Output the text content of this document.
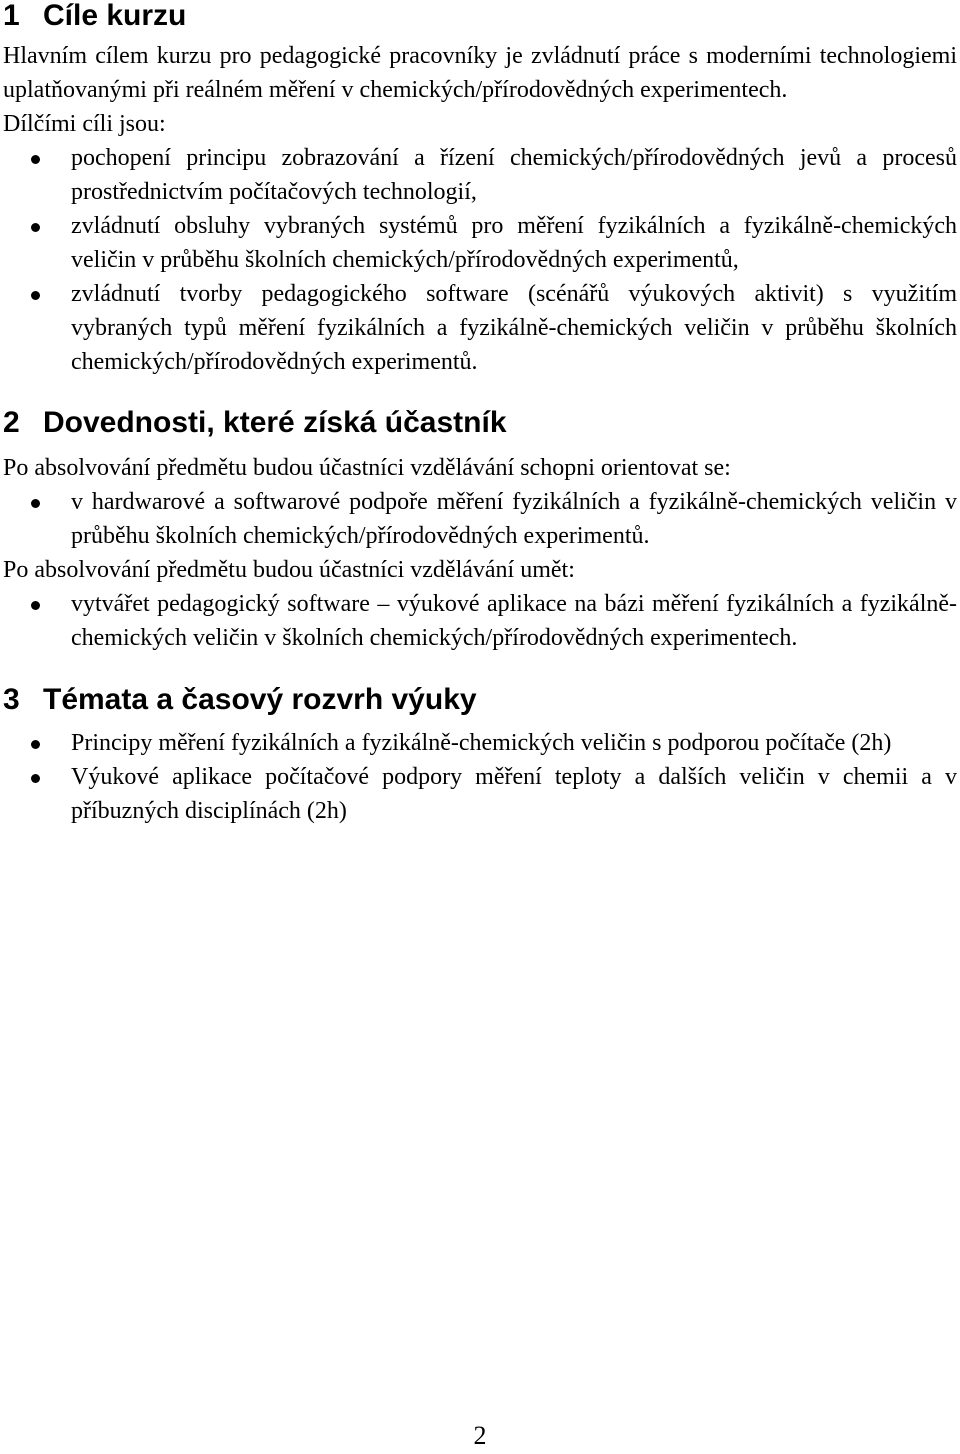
1 Cíle kurzu

Hlavním cílem kurzu pro pedagogické pracovníky je zvládnutí práce s moderními technologiemi uplatňovanými při reálném měření v chemických/přírodovědných experimentech.

Dílčími cíli jsou:

pochopení principu zobrazování a řízení chemických/přírodovědných jevů a procesů prostřednictvím počítačových technologií,
zvládnutí obsluhy vybraných systémů pro měření fyzikálních a fyzikálně-chemických veličin v průběhu školních chemických/přírodovědných experimentů,
zvládnutí tvorby pedagogického software (scénářů výukových aktivit) s využitím vybraných typů měření fyzikálních a fyzikálně-chemických veličin v průběhu školních chemických/přírodovědných experimentů.
2 Dovednosti, které získá účastník

Po absolvování předmětu budou účastníci vzdělávání schopni orientovat se:

v hardwarové a softwarové podpoře měření fyzikálních a fyzikálně-chemických veličin v průběhu školních chemických/přírodovědných experimentů.

Po absolvování předmětu budou účastníci vzdělávání umět:

vytvářet pedagogický software – výukové aplikace na bázi měření fyzikálních a fyzikálně-chemických veličin v školních chemických/přírodovědných experimentech.
3 Témata a časový rozvrh výuky
Principy měření fyzikálních a fyzikálně-chemických veličin s podporou počítače (2h)
Výukové aplikace počítačové podpory měření teploty a dalších veličin v chemii a v příbuzných disciplínách (2h)
2
